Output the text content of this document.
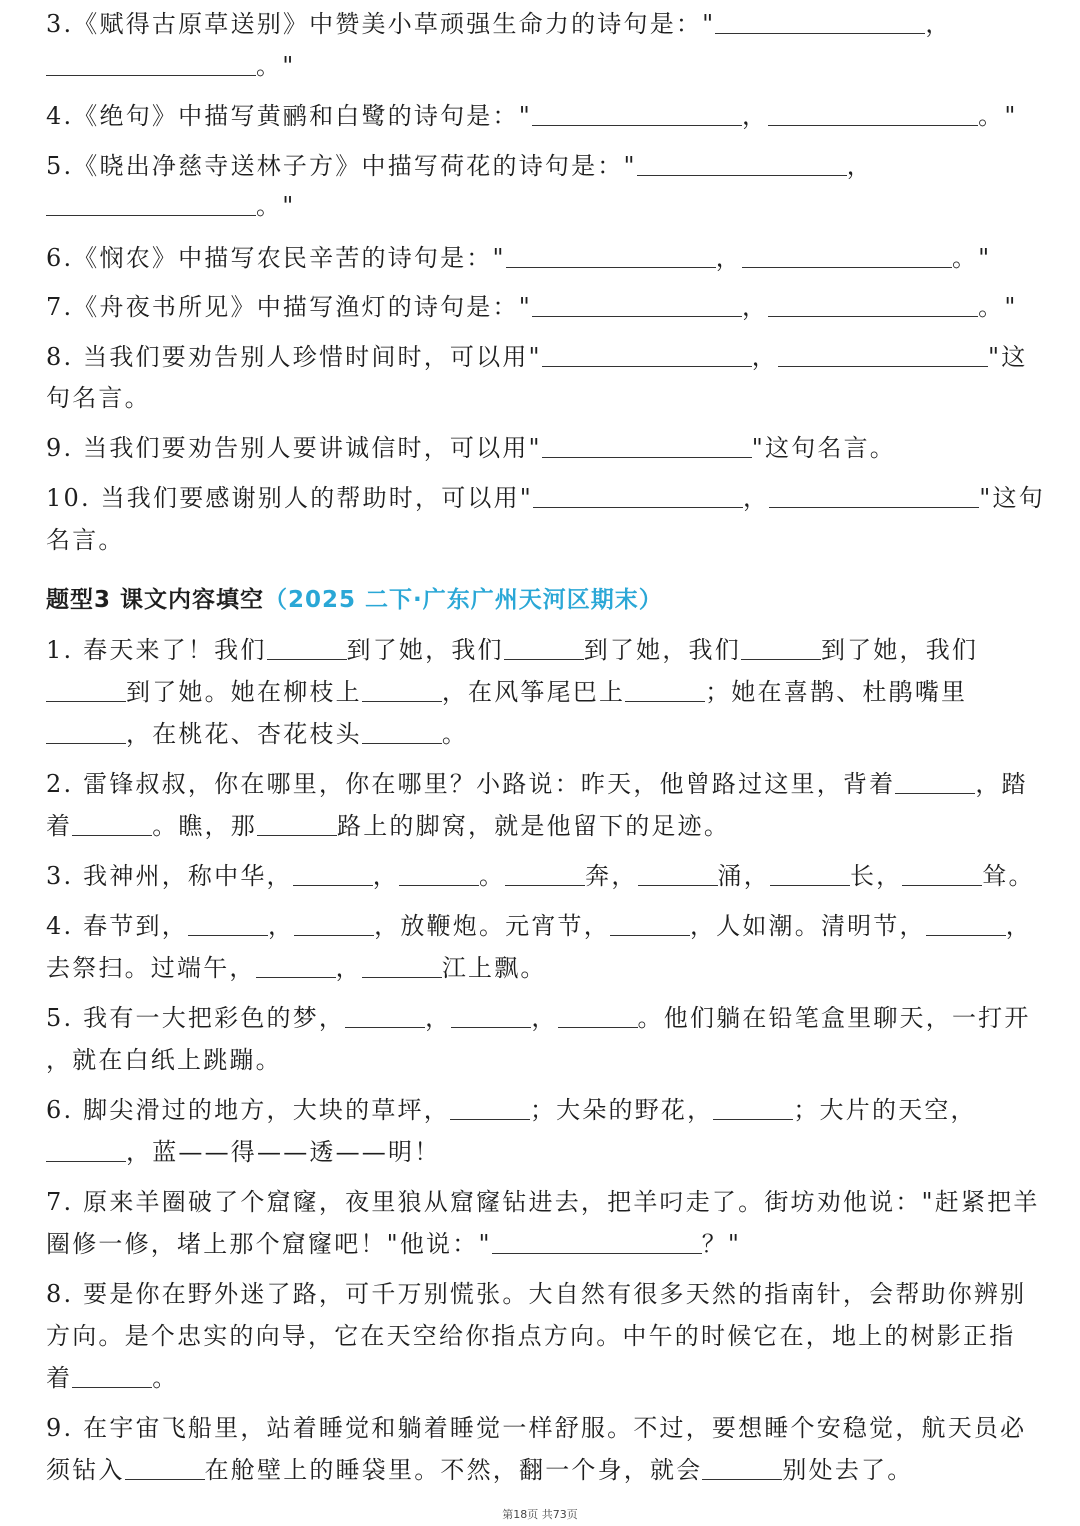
3.《赋得古原草送别》中赞美小草顽强生命力的诗句是："	，
。"
4.《绝句》中描写黄鹂和白鹭的诗句是："	，	。"
5.《晓出净慈寺送林子方》中描写荷花的诗句是："	，
。"
6.《悯农》中描写农民辛苦的诗句是："	，	。"
7.《舟夜书所见》中描写渔灯的诗句是："	，	。"
8. 当我们要劝告别人珍惜时间时，可以用"	，	"这
句名言。
9. 当我们要劝告别人要讲诚信时，可以用"	"这句名言。
10. 当我们要感谢别人的帮助时，可以用"	，	"这句
名言。
题型3 课文内容填空（2025 二下·广东广州天河区期末）
1. 春天来了！我们	到了她，我们	到了她，我们	到了她，我们
到了她。她在柳枝上	，在风筝尾巴上	；她在喜鹊、杜鹃嘴里
，在桃花、杏花枝头	。
2. 雷锋叔叔，你在哪里，你在哪里？小路说：昨天，他曾路过这里，背着	，踏
着	。瞧，那	路上的脚窝，就是他留下的足迹。
3. 我神州，称中华，	，	。	奔，	涌，	长，	耸。
4. 春节到，	，	，放鞭炮。元宵节，	，人如潮。清明节，	，
去祭扫。过端午，	，	江上飘。
5. 我有一大把彩色的梦，	，	，	。他们躺在铅笔盒里聊天，一打开
，就在白纸上跳蹦。
6. 脚尖滑过的地方，大块的草坪，	；大朵的野花，	；大片的天空，
，蓝——得——透——明！
7. 原来羊圈破了个窟窿，夜里狼从窟窿钻进去，把羊叼走了。街坊劝他说："赶紧把羊
圈修一修，堵上那个窟窿吧！"他说："	？"
8. 要是你在野外迷了路，可千万别慌张。大自然有很多天然的指南针，会帮助你辨别
方向。是个忠实的向导，它在天空给你指点方向。中午的时候它在，地上的树影正指
着	。
9. 在宇宙飞船里，站着睡觉和躺着睡觉一样舒服。不过，要想睡个安稳觉，航天员必
须钻入	在舱壁上的睡袋里。不然，翻一个身，就会	别处去了。
第18页 共73页
